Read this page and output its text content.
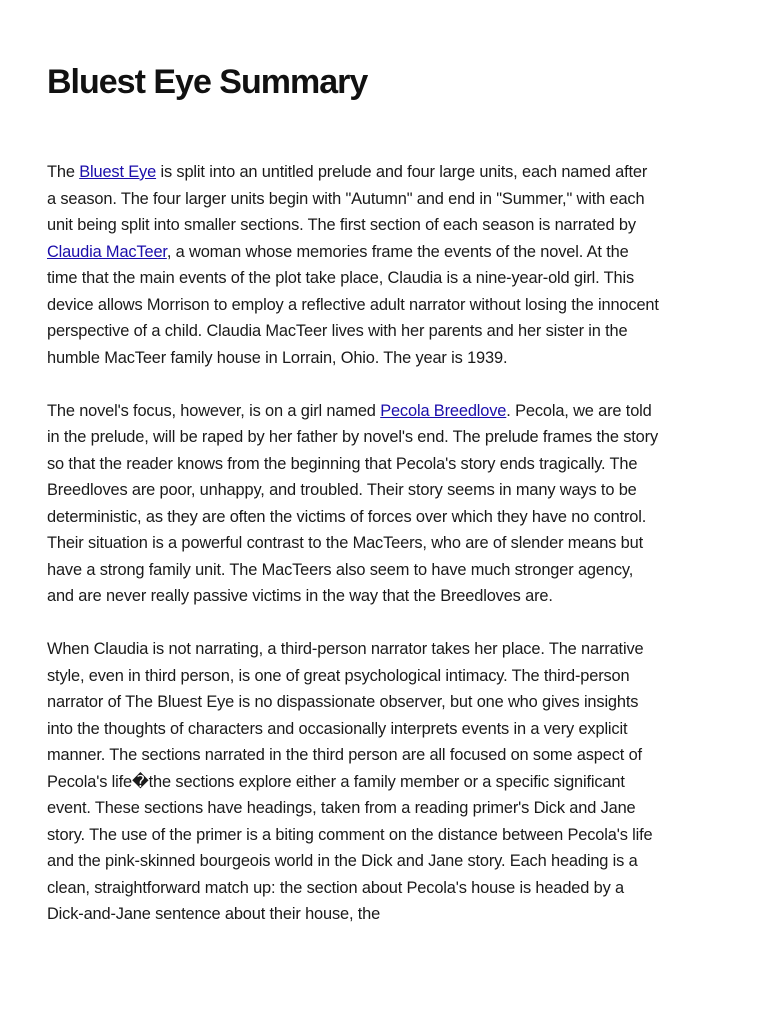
Bluest Eye Summary

The Bluest Eye is split into an untitled prelude and four large units, each named after a season. The four larger units begin with "Autumn" and end in "Summer," with each unit being split into smaller sections. The first section of each season is narrated by Claudia MacTeer, a woman whose memories frame the events of the novel. At the time that the main events of the plot take place, Claudia is a nine-year-old girl. This device allows Morrison to employ a reflective adult narrator without losing the innocent perspective of a child. Claudia MacTeer lives with her parents and her sister in the humble MacTeer family house in Lorrain, Ohio. The year is 1939.

The novel's focus, however, is on a girl named Pecola Breedlove. Pecola, we are told in the prelude, will be raped by her father by novel's end. The prelude frames the story so that the reader knows from the beginning that Pecola's story ends tragically. The Breedloves are poor, unhappy, and troubled. Their story seems in many ways to be deterministic, as they are often the victims of forces over which they have no control. Their situation is a powerful contrast to the MacTeers, who are of slender means but have a strong family unit. The MacTeers also seem to have much stronger agency, and are never really passive victims in the way that the Breedloves are.

When Claudia is not narrating, a third-person narrator takes her place. The narrative style, even in third person, is one of great psychological intimacy. The third-person narrator of The Bluest Eye is no dispassionate observer, but one who gives insights into the thoughts of characters and occasionally interprets events in a very explicit manner. The sections narrated in the third person are all focused on some aspect of Pecola's life�the sections explore either a family member or a specific significant event. These sections have headings, taken from a reading primer's Dick and Jane story. The use of the primer is a biting comment on the distance between Pecola's life and the pink-skinned bourgeois world in the Dick and Jane story. Each heading is a clean, straightforward match up: the section about Pecola's house is headed by a Dick-and-Jane sentence about their house, the
